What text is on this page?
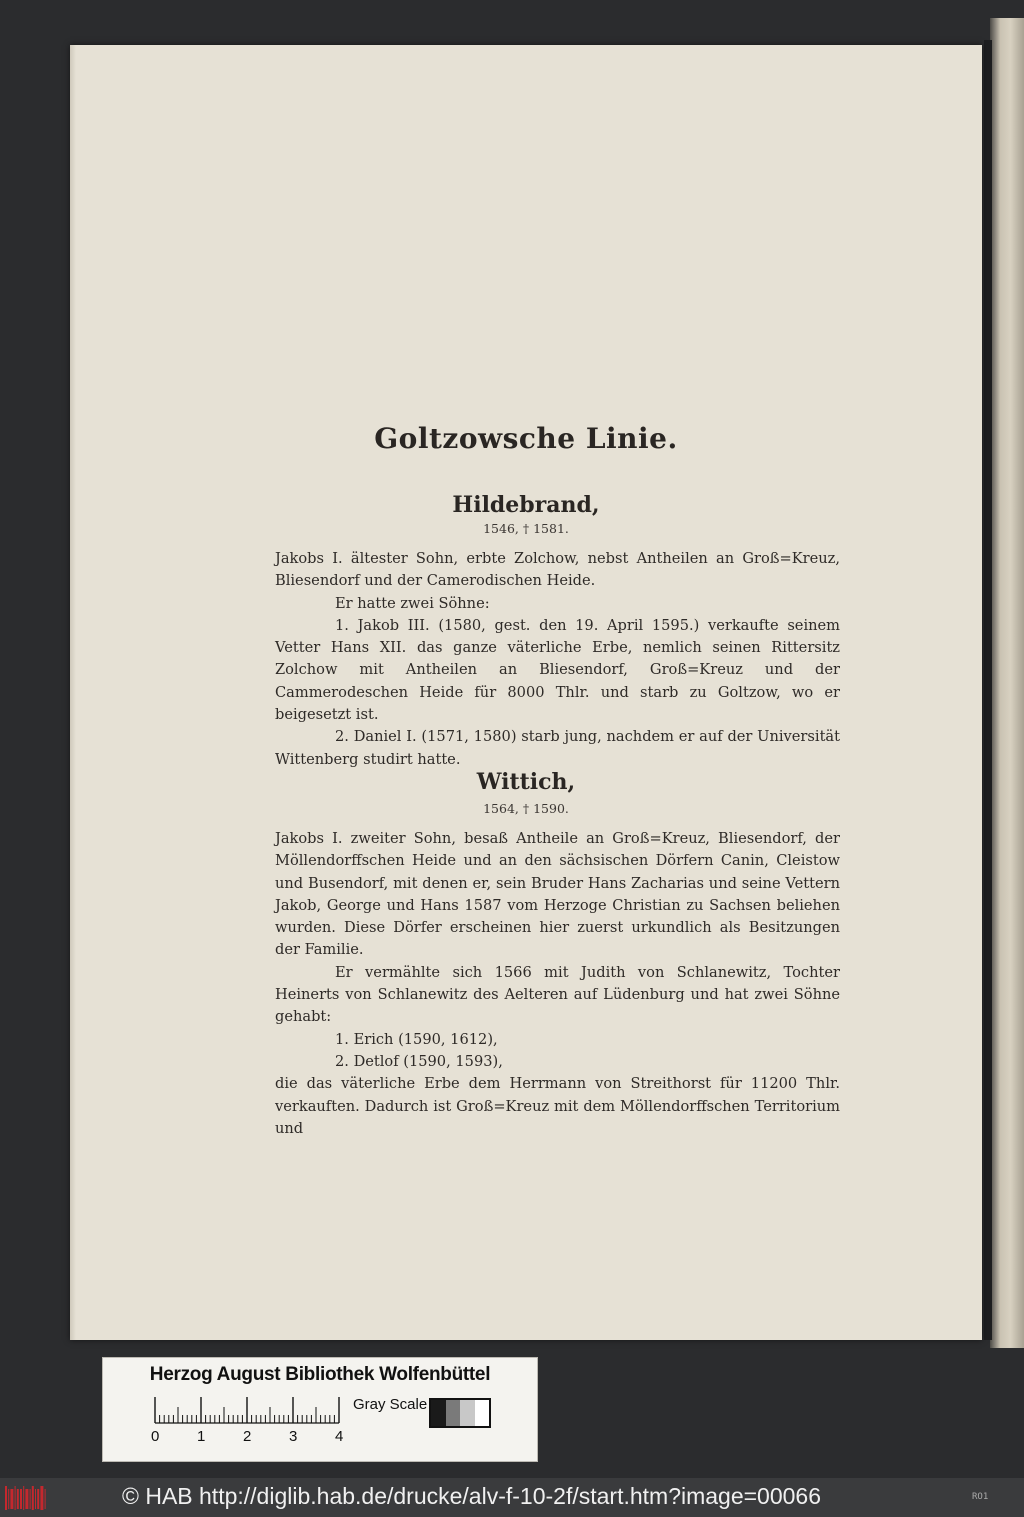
Goltzowsche Linie.
Hildebrand,
1546, † 1581.

Jakobs I. ältester Sohn, erbte Zolchow, nebst Antheilen an Groß=Kreuz, Bliesendorf und der Camerodischen Heide.

Er hatte zwei Söhne:

1. Jakob III. (1580, gest. den 19. April 1595.) verkaufte seinem Vetter Hans XII. das ganze väterliche Erbe, nemlich seinen Rittersitz Zolchow mit Antheilen an Bliesendorf, Groß=Kreuz und der Cammerodeschen Heide für 8000 Thlr. und starb zu Goltzow, wo er beigesetzt ist.

2. Daniel I. (1571, 1580) starb jung, nachdem er auf der Universität Wittenberg studirt hatte.

Wittich,
1564, † 1590.

Jakobs I. zweiter Sohn, besaß Antheile an Groß=Kreuz, Bliesendorf, der Möllendorffschen Heide und an den sächsischen Dörfern Canin, Cleistow und Busendorf, mit denen er, sein Bruder Hans Zacharias und seine Vettern Jakob, George und Hans 1587 vom Herzoge Christian zu Sachsen beliehen wurden. Diese Dörfer erscheinen hier zuerst urkundlich als Besitzungen der Familie.

Er vermählte sich 1566 mit Judith von Schlanewitz, Tochter Heinerts von Schlanewitz des Aelteren auf Lüdenburg und hat zwei Söhne gehabt:

1. Erich (1590, 1612),

2. Detlof (1590, 1593),

die das väterliche Erbe dem Herrmann von Streithorst für 11200 Thlr. verkauften. Dadurch ist Groß=Kreuz mit dem Möllendorffschen Territorium und

Herzog August Bibliothek Wolfenbüttel
Gray Scale
0	1	2	3	4
© HAB http://diglib.hab.de/drucke/alv-f-10-2f/start.htm?image=00066	RO1
